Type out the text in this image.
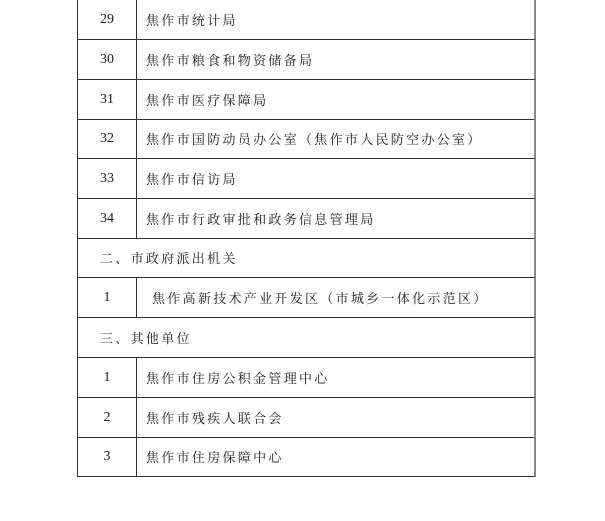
29	焦作市统计局
30	焦作市粮食和物资储备局
31	焦作市医疗保障局
32	焦作市国防动员办公室（焦作市人民防空办公室）
33	焦作市信访局
34	焦作市行政审批和政务信息管理局
二、市政府派出机关
1	焦作高新技术产业开发区（市城乡一体化示范区）
三、其他单位
1	焦作市住房公积金管理中心
2	焦作市残疾人联合会
3	焦作市住房保障中心
